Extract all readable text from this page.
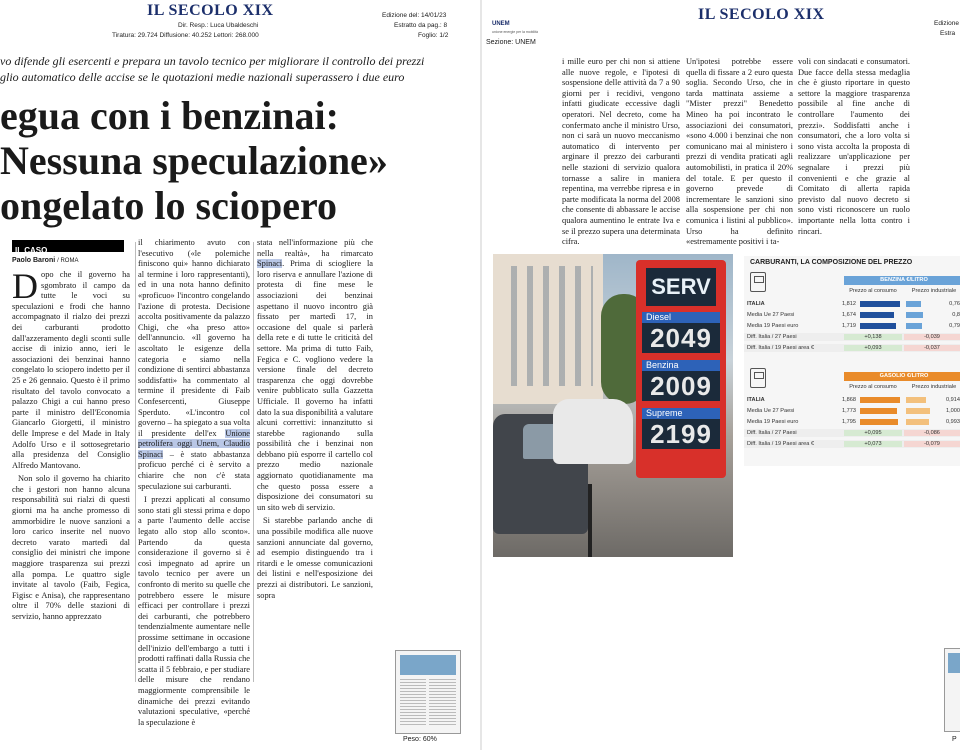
IL SECOLO XIX
Dir. Resp.: Luca Ubaldeschi
Tiratura: 29.724 Diffusione: 40.252 Lettori: 268.000
Edizione del: 14/01/23
Estratto da pag.: 8
Foglio: 1/2
vo difende gli esercenti e prepara un tavolo tecnico per migliorare il controllo dei prezzi
glio automatico delle accise se le quotazioni medie nazionali superassero i due euro
egua con i benzinai:
Nessuna speculazione»
ongelato lo sciopero
IL CASO
Paolo Baroni / ROMA
D opo che il governo ha sgombrato il campo da tutte le voci su speculazioni e frodi che hanno accompagnato il rialzo dei prezzi dei carburanti prodotto dall'azzeramento degli sconti sulle accise di inizio anno, ieri le associazioni dei benzinai hanno congelato lo sciopero indetto per il 25 e 26 gennaio. Questo è il primo risultato del tavolo convocato a palazzo Chigi a cui hanno preso parte il ministro dell'Economia Giancarlo Giorgetti, il ministro delle Imprese e del Made in Italy Adolfo Urso e il sottosegretario alla presidenza del Consiglio Alfredo Mantovano.

Non solo il governo ha chiarito che i gestori non hanno alcuna responsabilità sui rialzi di questi giorni ma ha anche promesso di ammorbidire le nuove sanzioni a loro carico inserite nel nuovo decreto varato martedì dal consiglio dei ministri che impone maggiore trasparenza sui prezzi alla pompa. Le quattro sigle invitate al tavolo (Faib, Fegica, Figisc e Anisa), che rappresentano oltre il 70% delle stazioni di servizio, hanno apprezzato

il chiarimento avuto con l'esecutivo («le polemiche finiscono qui» hanno dichiarato al termine i loro rappresentanti), ed in una nota hanno definito «proficuo» l'incontro congelando l'azione di protesta. Decisione accolta positivamente da palazzo Chigi, che «ha preso atto» dell'annuncio. «Il governo ha ascoltato le esigenze della categoria e siamo nella condizione di sentirci abbastanza soddisfatti» ha commentato al termine il presidente di Faib Confesercenti, Giuseppe Sperduto. «L'incontro col governo – ha spiegato a sua volta il presidente dell'ex Unione petrolifera oggi Unem, Claudio Spinaci – è stato abbastanza proficuo perché ci è servito a chiarire che non c'è stata speculazione sui carburanti.

I prezzi applicati al consumo sono stati gli stessi prima e dopo a parte l'aumento delle accise legato allo stop allo sconto». Partendo da questa considerazione il governo si è così impegnato ad aprire un tavolo tecnico per avere un confronto di merito su quelle che potrebbero essere le misure efficaci per controllare i prezzi dei carburanti, che potrebbero tendenzialmente aumentare nelle prossime settimane in occasione dell'inizio dell'embargo a tutti i prodotti raffinati dalla Russia che scatta il 5 febbraio, e per studiare delle misure che rendano maggiormente comprensibile le dinamiche dei prezzi evitando valutazioni speculative, «perché la speculazione è

stata nell'informazione più che nella realtà», ha rimarcato Spinaci. Prima di sciogliere la loro riserva e annullare l'azione di protesta di fine mese le associazioni dei benzinai aspettano il nuovo incontro già fissato per martedì 17, in occasione del quale si parlerà della rete e di tutte le criticità del settore. Ma prima di tutto Faib, Fegica e C. vogliono vedere la versione finale del decreto trasparenza che oggi dovrebbe venire pubblicato sulla Gazzetta Ufficiale. Il governo ha infatti dato la sua disponibilità a valutare alcuni correttivi: innanzitutto si starebbe ragionando sulla possibilità che i benzinai non debbano più esporre il cartello col prezzo medio nazionale aggiornato quotidianamente ma che questo possa essere a disposizione dei consumatori su un sito web di servizio.

Si starebbe parlando anche di una possibile modifica alle nuove sanzioni annunciate dal governo, ad esempio distinguendo tra i ritardi e le omesse comunicazioni dei listini e nell'esposizione dei prezzi ai distributori. Le sanzioni, sopra

Peso: 60%
UNEM
unione energie per la mobilità
Sezione: UNEM
IL SECOLO XIX
Edizione
Estra
i mille euro per chi non si attiene alle nuove regole, e l'ipotesi di sospensione delle attività da 7 a 90 giorni per i recidivi, vengono infatti giudicate eccessive dagli operatori. Nel decreto, come ha confermato anche il ministro Urso, non ci sarà un nuovo meccanismo automatico di intervento per arginare il prezzo dei carburanti nelle stazioni di servizio qualora tornasse a salire in maniera repentina, ma verrebbe ripresa e in parte modificata la norma del 2008 che consente di abbassare le accise qualora aumentino le entrate Iva e se il prezzo supera una determinata cifra.
Un'ipotesi potrebbe essere quella di fissare a 2 euro questa soglia. Secondo Urso, che in tarda mattinata assieme a "Mister prezzi" Benedetto Mineo ha poi incontrato le associazioni dei consumatori, «sono 4.000 i benzinai che non comunicano mai al ministero i prezzi di vendita praticati agli automobilisti, in pratica il 20% del totale. E per questo il governo prevede di incrementare le sanzioni sino alla sospensione per chi non comunica i listini al pubblico». Urso ha definito «estremamente positivi i ta-
voli con sindacati e consumatori. Due facce della stessa medaglia che è giusto riportare in questo settore la maggiore trasparenza possibile al fine anche di controllare l'aumento dei prezzi». Soddisfatti anche i consumatori, che a loro volta si sono vista accolta la proposta di realizzare un'applicazione per segnalare i prezzi più convenienti e che grazie al Comitato di allerta rapida previsto dal nuovo decreto si sono visti riconoscere un ruolo importante nella lotta contro i rincari.
SERV
Diesel
2049
Benzina
2009
Supreme
2199
CARBURANTI, LA COMPOSIZIONE DEL PREZZO
BENZINA €/LITRO
Prezzo al consumo	Prezzo industriale
ITALIA	1,812	0,76
Media Ue 27 Paesi	1,674	0,8
Media 19 Paesi euro	1,719	0,79
Diff. Italia / 27 Paesi	+0,138	-0,039
Diff. Italia / 19 Paesi area €	+0,093	-0,037
GASOLIO €/LITRO
Prezzo al consumo	Prezzo industriale
ITALIA	1,868	0,914
Media Ue 27 Paesi	1,773	1,000
Media 19 Paesi euro	1,795	0,993
Diff. Italia / 27 Paesi	+0,095	-0,086
Diff. Italia / 19 Paesi area €	+0,073	-0,079
P
